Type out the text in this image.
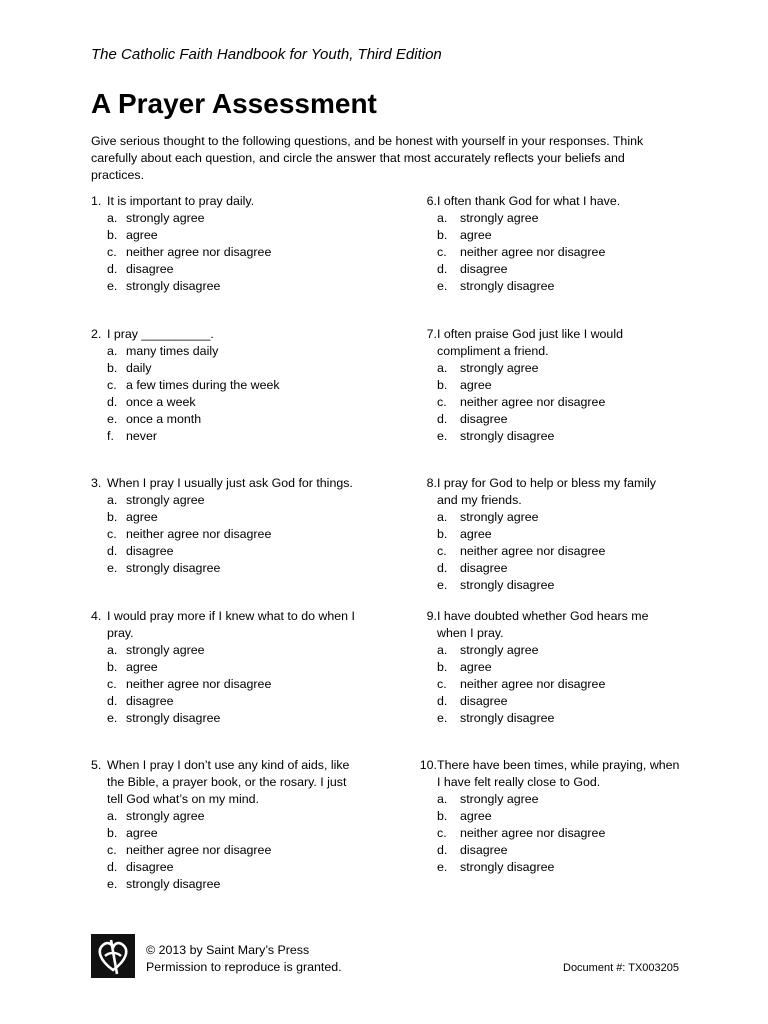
The Catholic Faith Handbook for Youth, Third Edition
A Prayer Assessment

Give serious thought to the following questions, and be honest with yourself in your responses. Think carefully about each question, and circle the answer that most accurately reflects your beliefs and practices.

1. It is important to pray daily.
a. strongly agree
b. agree
c. neither agree nor disagree
d. disagree
e. strongly disagree
2. I pray __________.
a. many times daily
b. daily
c. a few times during the week
d. once a week
e. once a month
f. never
3. When I pray I usually just ask God for things.
a. strongly agree
b. agree
c. neither agree nor disagree
d. disagree
e. strongly disagree
4. I would pray more if I knew what to do when I
pray.
a. strongly agree
b. agree
c. neither agree nor disagree
d. disagree
e. strongly disagree
5. When I pray I don’t use any kind of aids, like
the Bible, a prayer book, or the rosary. I just
tell God what’s on my mind.
a. strongly agree
b. agree
c. neither agree nor disagree
d. disagree
e. strongly disagree
6. I often thank God for what I have.
a.	strongly agree
b.	agree
c.	neither agree nor disagree
d.	disagree
e.	strongly disagree
7. I often praise God just like I would
compliment a friend.
a.	strongly agree
b.	agree
c.	neither agree nor disagree
d.	disagree
e.	strongly disagree
8. I pray for God to help or bless my family
and my friends.
a.	strongly agree
b.	agree
c.	neither agree nor disagree
d.	disagree
e.	strongly disagree
9. I have doubted whether God hears me
when I pray.
a.	strongly agree
b.	agree
c.	neither agree nor disagree
d.	disagree
e.	strongly disagree
10. There have been times, while praying, when
I have felt really close to God.
a.	strongly agree
b.	agree
c.	neither agree nor disagree
d.	disagree
e.	strongly disagree
© 2013 by Saint Mary’s Press
Permission to reproduce is granted.	Document #: TX003205
